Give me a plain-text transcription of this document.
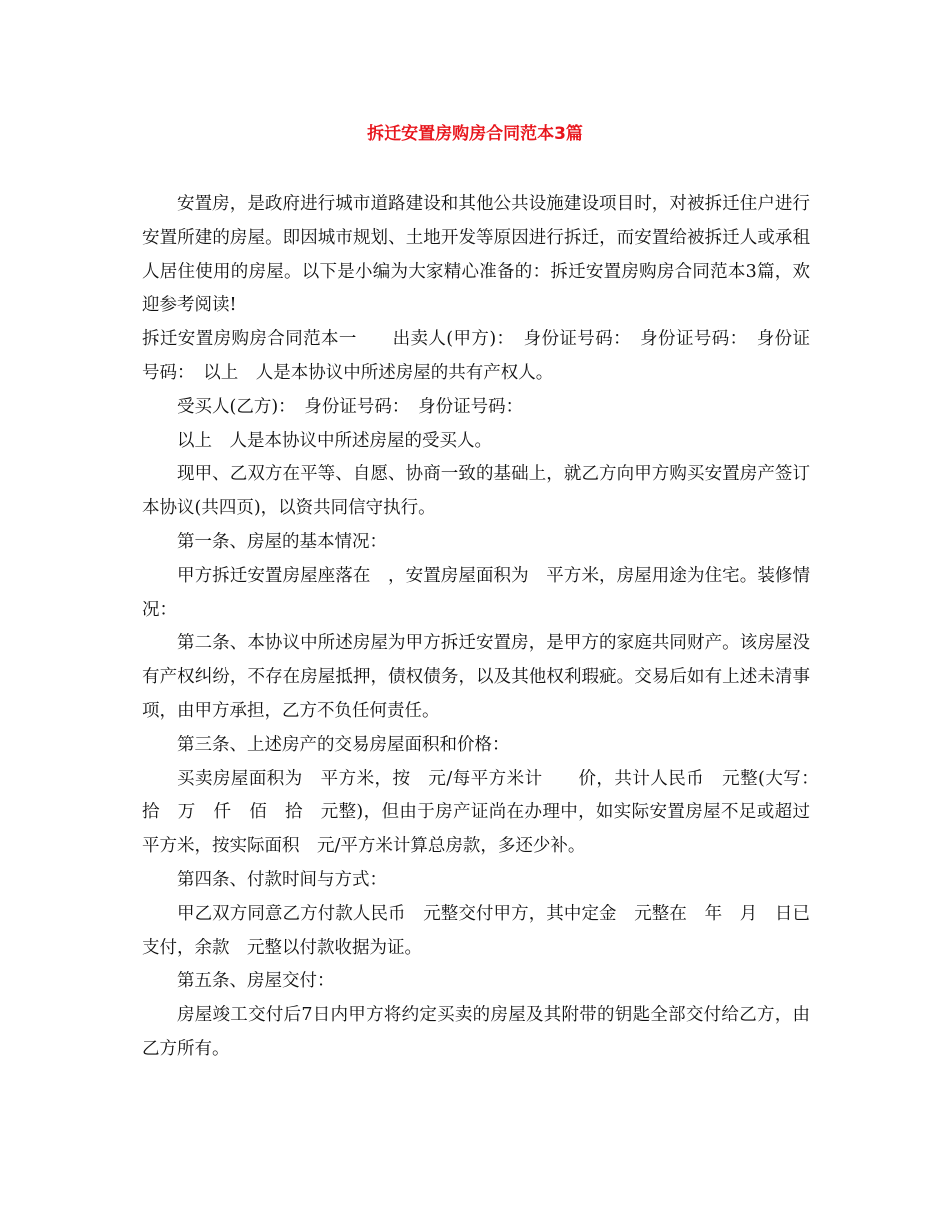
拆迁安置房购房合同范本3篇

安置房，是政府进行城市道路建设和其他公共设施建设项目时，对被拆迁住户进行安置所建的房屋。即因城市规划、土地开发等原因进行拆迁，而安置给被拆迁人或承租人居住使用的房屋。以下是小编为大家精心准备的：拆迁安置房购房合同范本3篇，欢迎参考阅读!

拆迁安置房购房合同范本一　　出卖人(甲方)：　身份证号码：　身份证号码：　身份证号码：　以上　人是本协议中所述房屋的共有产权人。

受买人(乙方)：　身份证号码：　身份证号码：

以上　人是本协议中所述房屋的受买人。

现甲、乙双方在平等、自愿、协商一致的基础上，就乙方向甲方购买安置房产签订本协议(共四页)，以资共同信守执行。

第一条、房屋的基本情况：

甲方拆迁安置房屋座落在　，安置房屋面积为　平方米，房屋用途为住宅。装修情况：

第二条、本协议中所述房屋为甲方拆迁安置房，是甲方的家庭共同财产。该房屋没有产权纠纷，不存在房屋抵押，债权债务，以及其他权利瑕疵。交易后如有上述未清事项，由甲方承担，乙方不负任何责任。

第三条、上述房产的交易房屋面积和价格：

买卖房屋面积为　平方米，按　元/每平方米计　　价，共计人民币　元整(大写：　拾　万　仟　佰　拾　元整)，但由于房产证尚在办理中，如实际安置房屋不足或超过　平方米，按实际面积　元/平方米计算总房款，多还少补。

第四条、付款时间与方式：

甲乙双方同意乙方付款人民币　元整交付甲方，其中定金　元整在　年　月　日已支付，余款　元整以付款收据为证。

第五条、房屋交付：

房屋竣工交付后7日内甲方将约定买卖的房屋及其附带的钥匙全部交付给乙方，由乙方所有。
